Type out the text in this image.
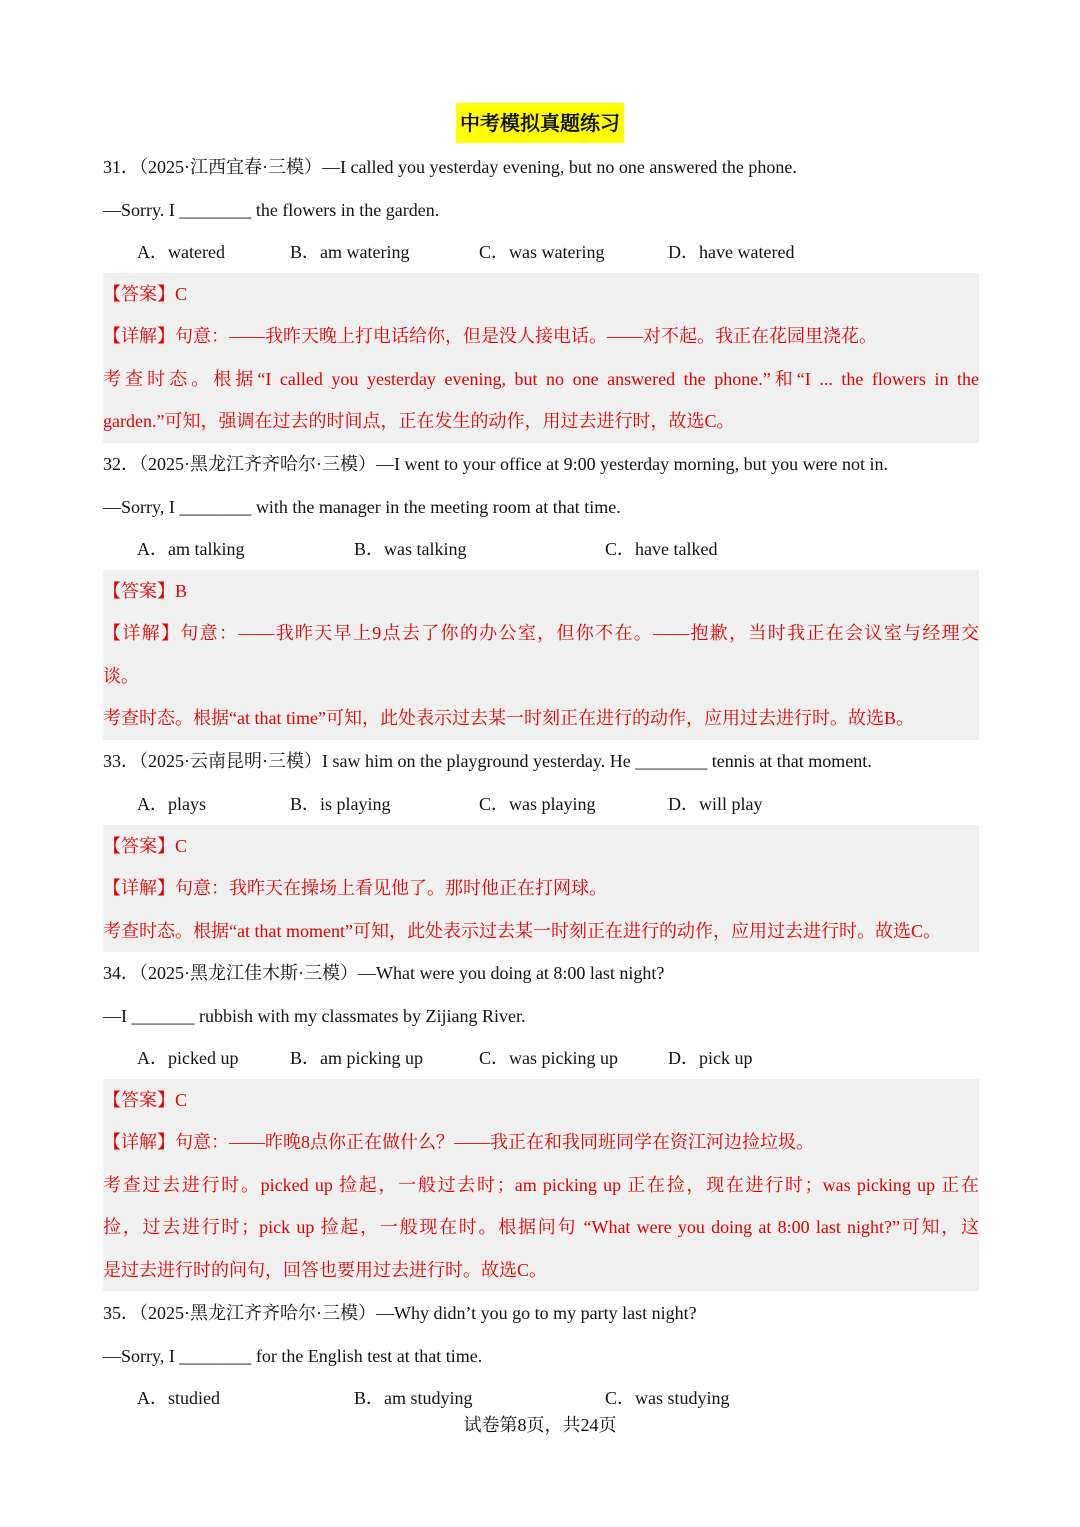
中考模拟真题练习
31．（2025·江西宜春·三模）—I called you yesterday evening, but no one answered the phone.
—Sorry. I ________ the flowers in the garden.
A．watered	B．am watering	C．was watering	D．have watered
【答案】C
【详解】句意：——我昨天晚上打电话给你，但是没人接电话。——对不起。我正在花园里浇花。
考查时态。根据“I called you yesterday evening, but no one answered the phone.”和“I ... the flowers in the
garden.”可知，强调在过去的时间点，正在发生的动作，用过去进行时，故选C。
32．（2025·黑龙江齐齐哈尔·三模）—I went to your office at 9:00 yesterday morning, but you were not in.
—Sorry, I ________ with the manager in the meeting room at that time.
A．am talking	B．was talking	C．have talked
【答案】B
【详解】句意：——我昨天早上9点去了你的办公室，但你不在。——抱歉，当时我正在会议室与经理交
谈。
考查时态。根据“at that time”可知，此处表示过去某一时刻正在进行的动作，应用过去进行时。故选B。
33．（2025·云南昆明·三模）I saw him on the playground yesterday. He ________ tennis at that moment.
A．plays	B．is playing	C．was playing	D．will play
【答案】C
【详解】句意：我昨天在操场上看见他了。那时他正在打网球。
考查时态。根据“at that moment”可知，此处表示过去某一时刻正在进行的动作，应用过去进行时。故选C。
34．（2025·黑龙江佳木斯·三模）—What were you doing at 8:00 last night?
—I _______ rubbish with my classmates by Zijiang River.
A．picked up	B．am picking up	C．was picking up	D．pick up
【答案】C
【详解】句意：——昨晚8点你正在做什么？——我正在和我同班同学在资江河边捡垃圾。
考查过去进行时。picked up 捡起，一般过去时；am picking up 正在捡，现在进行时；was picking up 正在
捡，过去进行时；pick up 捡起，一般现在时。根据问句 “What were you doing at 8:00 last night?”可知，这
是过去进行时的问句，回答也要用过去进行时。故选C。
35．（2025·黑龙江齐齐哈尔·三模）—Why didn’t you go to my party last night?
—Sorry, I ________ for the English test at that time.
A．studied	B．am studying	C．was studying
试卷第8页，共24页
